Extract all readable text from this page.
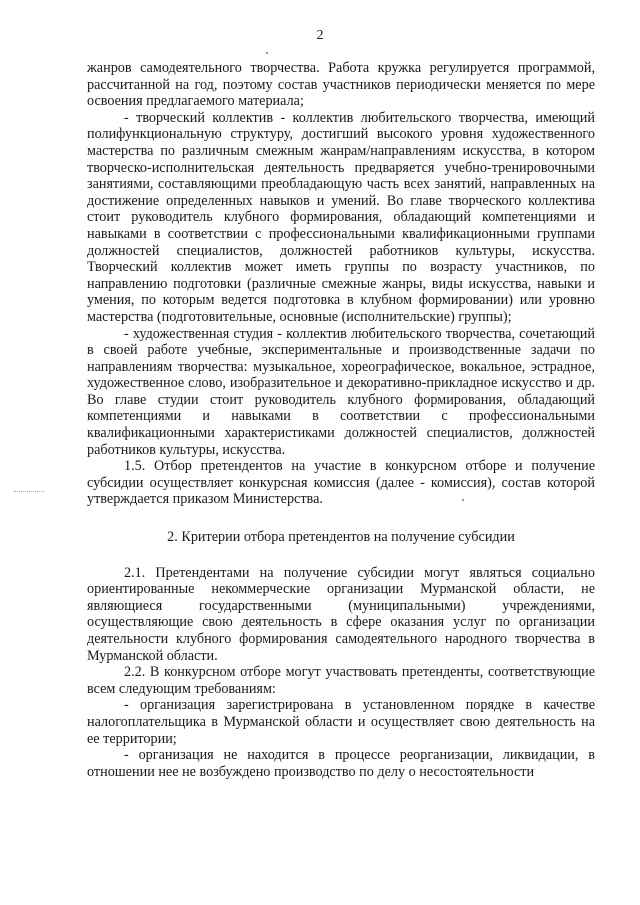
2

жанров самодеятельного творчества. Работа кружка регулируется программой, рассчитанной на год, поэтому состав участников периодически меняется по мере освоения предлагаемого материала;

- творческий коллектив - коллектив любительского творчества, имеющий полифункциональную структуру, достигший высокого уровня художественного мастерства по различным смежным жанрам/направлениям искусства, в котором творческо-исполнительская деятельность предваряется учебно-тренировочными занятиями, составляющими преобладающую часть всех занятий, направленных на достижение определенных навыков и умений. Во главе творческого коллектива стоит руководитель клубного формирования, обладающий компетенциями и навыками в соответствии с профессиональными квалификационными группами должностей специалистов, должностей работников культуры, искусства. Творческий коллектив может иметь группы по возрасту участников, по направлению подготовки (различные смежные жанры, виды искусства, навыки и умения, по которым ведется подготовка в клубном формировании) или уровню мастерства (подготовительные, основные (исполнительские) группы);

- художественная студия - коллектив любительского творчества, сочетающий в своей работе учебные, экспериментальные и производственные задачи по направлениям творчества: музыкальное, хореографическое, вокальное, эстрадное, художественное слово, изобразительное и декоративно-прикладное искусство и др. Во главе студии стоит руководитель клубного формирования, обладающий компетенциями и навыками в соответствии с профессиональными квалификационными характеристиками должностей специалистов, должностей работников культуры, искусства.

1.5. Отбор претендентов на участие в конкурсном отборе и получение субсидии осуществляет конкурсная комиссия (далее - комиссия), состав которой утверждается приказом Министерства.

2. Критерии отбора претендентов на получение субсидии

2.1. Претендентами на получение субсидии могут являться социально ориентированные некоммерческие организации Мурманской области, не являющиеся государственными (муниципальными) учреждениями, осуществляющие свою деятельность в сфере оказания услуг по организации деятельности клубного формирования самодеятельного народного творчества в Мурманской области.

2.2. В конкурсном отборе могут участвовать претенденты, соответствующие всем следующим требованиям:

- организация зарегистрирована в установленном порядке в качестве налогоплательщика в Мурманской области и осуществляет свою деятельность на ее территории;

- организация не находится в процессе реорганизации, ликвидации, в отношении нее не возбуждено производство по делу о несостоятельности
